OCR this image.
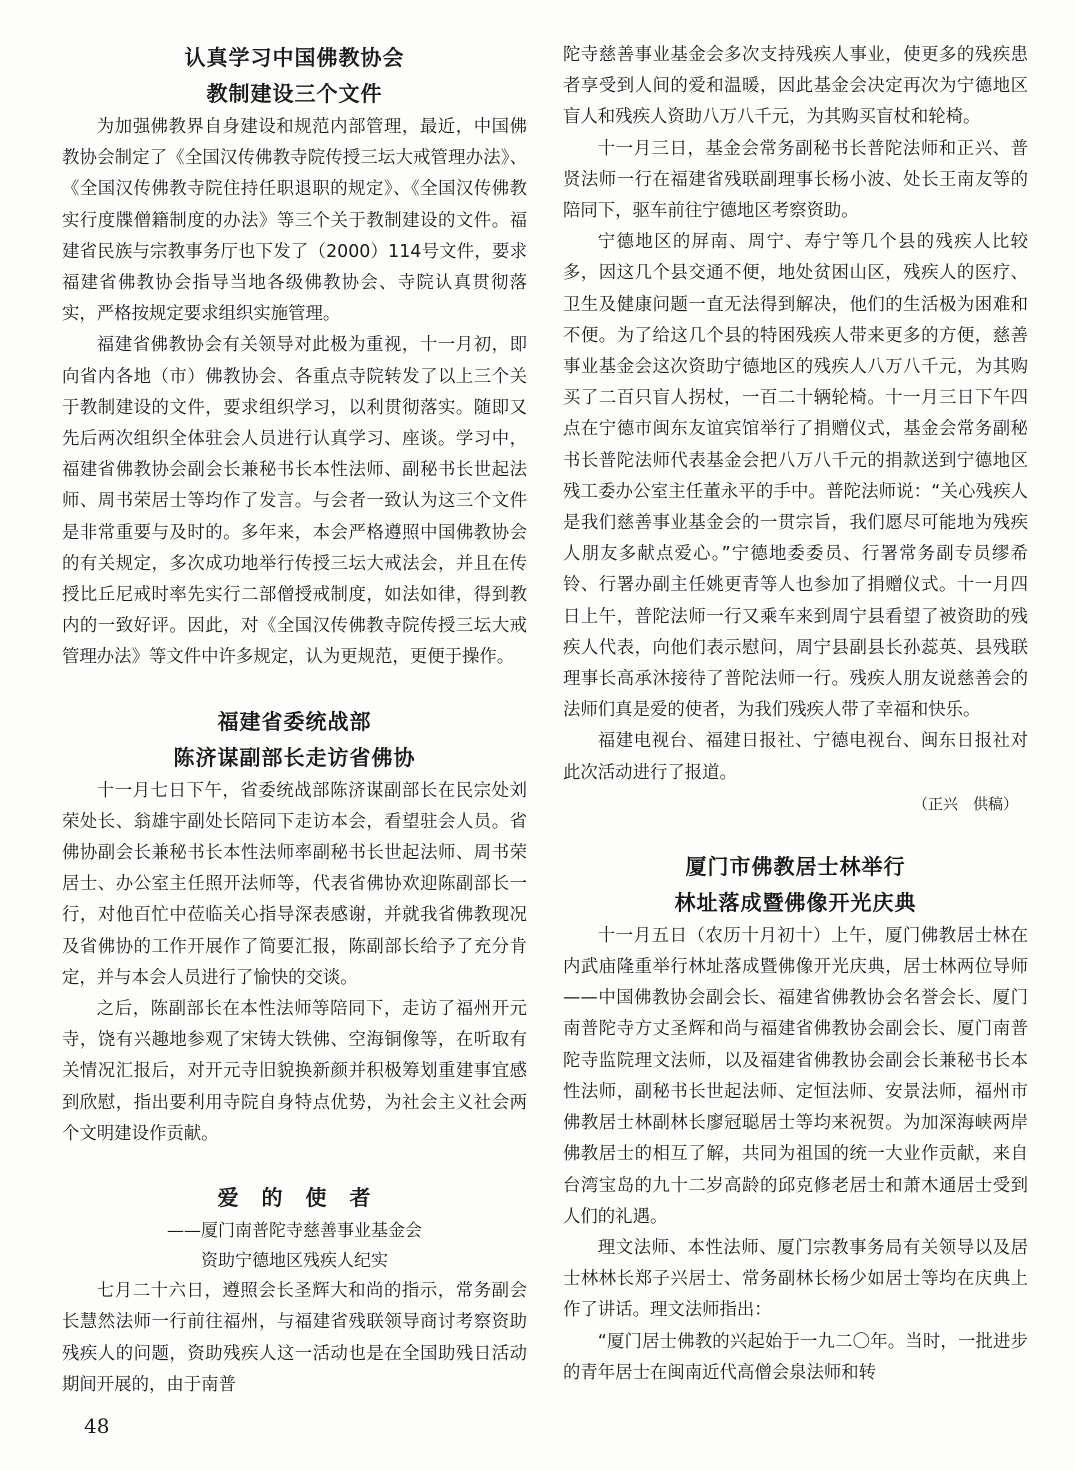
认真学习中国佛教协会
教制建设三个文件

为加强佛教界自身建设和规范内部管理，最近，中国佛教协会制定了《全国汉传佛教寺院传授三坛大戒管理办法》、《全国汉传佛教寺院住持任职退职的规定》、《全国汉传佛教实行度牒僧籍制度的办法》等三个关于教制建设的文件。福建省民族与宗教事务厅也下发了（2000）114号文件，要求福建省佛教协会指导当地各级佛教协会、寺院认真贯彻落实，严格按规定要求组织实施管理。

福建省佛教协会有关领导对此极为重视，十一月初，即向省内各地（市）佛教协会、各重点寺院转发了以上三个关于教制建设的文件，要求组织学习，以利贯彻落实。随即又先后两次组织全体驻会人员进行认真学习、座谈。学习中，福建省佛教协会副会长兼秘书长本性法师、副秘书长世起法师、周书荣居士等均作了发言。与会者一致认为这三个文件是非常重要与及时的。多年来，本会严格遵照中国佛教协会的有关规定，多次成功地举行传授三坛大戒法会，并且在传授比丘尼戒时率先实行二部僧授戒制度，如法如律，得到教内的一致好评。因此，对《全国汉传佛教寺院传授三坛大戒管理办法》等文件中许多规定，认为更规范，更便于操作。

福建省委统战部
陈济谋副部长走访省佛协

十一月七日下午，省委统战部陈济谋副部长在民宗处刘荣处长、翁雄宇副处长陪同下走访本会，看望驻会人员。省佛协副会长兼秘书长本性法师率副秘书长世起法师、周书荣居士、办公室主任照开法师等，代表省佛协欢迎陈副部长一行，对他百忙中莅临关心指导深表感谢，并就我省佛教现况及省佛协的工作开展作了简要汇报，陈副部长给予了充分肯定，并与本会人员进行了愉快的交谈。

之后，陈副部长在本性法师等陪同下，走访了福州开元寺，饶有兴趣地参观了宋铸大铁佛、空海铜像等，在听取有关情况汇报后，对开元寺旧貌换新颜并积极筹划重建事宜感到欣慰，指出要利用寺院自身特点优势，为社会主义社会两个文明建设作贡献。

爱　的　使　者
——厦门南普陀寺慈善事业基金会
资助宁德地区残疾人纪实

七月二十六日，遵照会长圣辉大和尚的指示，常务副会长慧然法师一行前往福州，与福建省残联领导商讨考察资助残疾人的问题，资助残疾人这一活动也是在全国助残日活动期间开展的，由于南普

陀寺慈善事业基金会多次支持残疾人事业，使更多的残疾患者享受到人间的爱和温暖，因此基金会决定再次为宁德地区盲人和残疾人资助八万八千元，为其购买盲杖和轮椅。

十一月三日，基金会常务副秘书长普陀法师和正兴、普贤法师一行在福建省残联副理事长杨小波、处长王南友等的陪同下，驱车前往宁德地区考察资助。

宁德地区的屏南、周宁、寿宁等几个县的残疾人比较多，因这几个县交通不便，地处贫困山区，残疾人的医疗、卫生及健康问题一直无法得到解决，他们的生活极为困难和不便。为了给这几个县的特困残疾人带来更多的方便，慈善事业基金会这次资助宁德地区的残疾人八万八千元，为其购买了二百只盲人拐杖，一百二十辆轮椅。十一月三日下午四点在宁德市闽东友谊宾馆举行了捐赠仪式，基金会常务副秘书长普陀法师代表基金会把八万八千元的捐款送到宁德地区残工委办公室主任董永平的手中。普陀法师说：“关心残疾人是我们慈善事业基金会的一贯宗旨，我们愿尽可能地为残疾人朋友多献点爱心。”宁德地委委员、行署常务副专员缪希铃、行署办副主任姚更青等人也参加了捐赠仪式。十一月四日上午，普陀法师一行又乘车来到周宁县看望了被资助的残疾人代表，向他们表示慰问，周宁县副县长孙蕊英、县残联理事长高承沐接待了普陀法师一行。残疾人朋友说慈善会的法师们真是爱的使者，为我们残疾人带了幸福和快乐。

福建电视台、福建日报社、宁德电视台、闽东日报社对此次活动进行了报道。

（正兴　供稿）
厦门市佛教居士林举行
林址落成暨佛像开光庆典

十一月五日（农历十月初十）上午，厦门佛教居士林在内武庙隆重举行林址落成暨佛像开光庆典，居士林两位导师——中国佛教协会副会长、福建省佛教协会名誉会长、厦门南普陀寺方丈圣辉和尚与福建省佛教协会副会长、厦门南普陀寺监院理文法师，以及福建省佛教协会副会长兼秘书长本性法师，副秘书长世起法师、定恒法师、安景法师，福州市佛教居士林副林长廖冠聪居士等均来祝贺。为加深海峡两岸佛教居士的相互了解，共同为祖国的统一大业作贡献，来自台湾宝岛的九十二岁高龄的邱克修老居士和萧木通居士受到人们的礼遇。

理文法师、本性法师、厦门宗教事务局有关领导以及居士林林长郑子兴居士、常务副林长杨少如居士等均在庆典上作了讲话。理文法师指出：

“厦门居士佛教的兴起始于一九二〇年。当时，一批进步的青年居士在闽南近代高僧会泉法师和转

48
